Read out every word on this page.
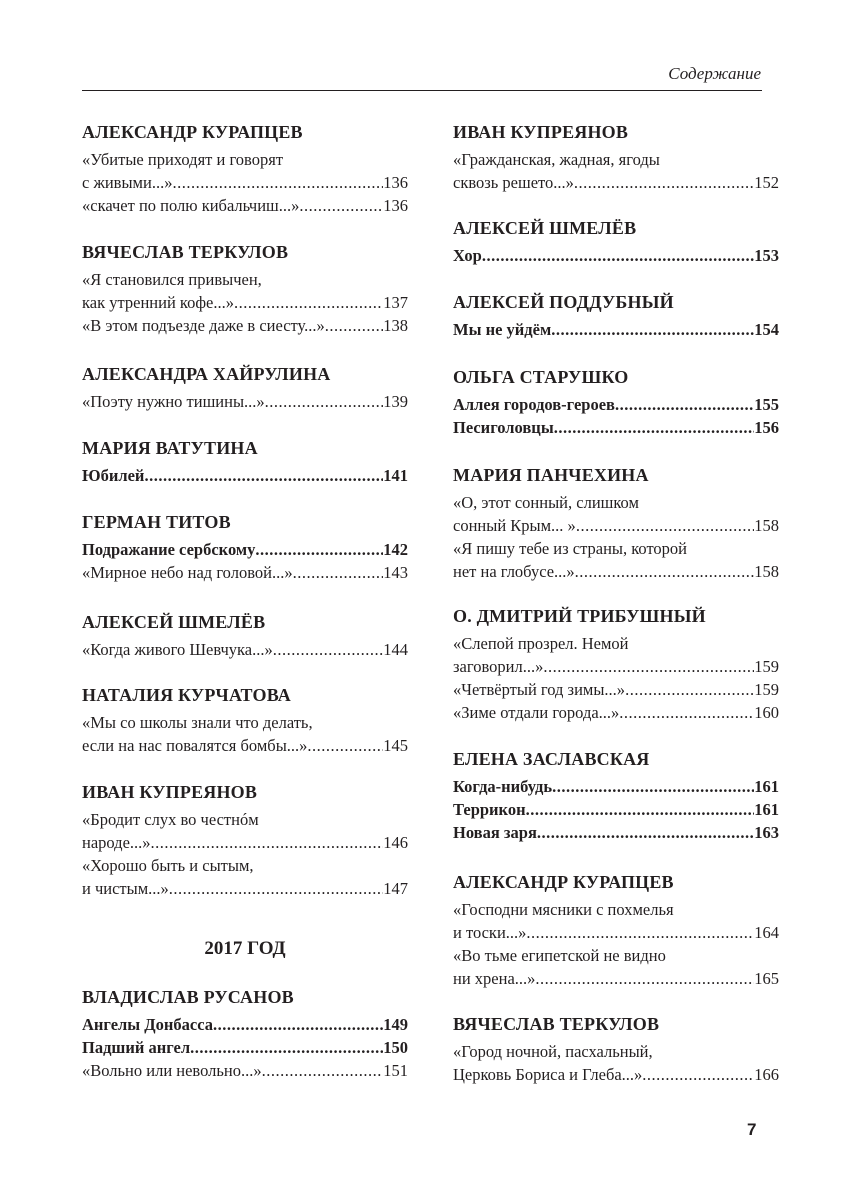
Содержание
АЛЕКСАНДР КУРАПЦЕВ
«Убитые приходят и говорят
с живыми...» .....	136
«скачет по полю кибальчиш...» .....	136
ВЯЧЕСЛАВ ТЕРКУЛОВ
«Я становился привычен,
как утренний кофе...» .....	137
«В этом подъезде даже в сиесту...» .....	138
АЛЕКСАНДРА ХАЙРУЛИНА
«Поэту нужно тишины...» .....	139
МАРИЯ ВАТУТИНА
Юбилей .....	141
ГЕРМАН ТИТОВ
Подражание сербскому .....	142
«Мирное небо над головой...» .....	143
АЛЕКСЕЙ ШМЕЛЁВ
«Когда живого Шевчука...» .....	144
НАТАЛИЯ КУРЧАТОВА
«Мы со школы знали что делать,
если на нас повалятся бомбы...» .....	145
ИВАН КУПРЕЯНОВ
«Бродит слух во честнóм
народе...» .....	146
«Хорошо быть и сытым,
и чистым...» .....	147
ВЛАДИСЛАВ РУСАНОВ
Ангелы Донбасса .....	149
Падший ангел .....	150
«Вольно или невольно...» .....	151
ИВАН КУПРЕЯНОВ
«Гражданская, жадная, ягоды
сквозь решето...» .....	152
АЛЕКСЕЙ ШМЕЛЁВ
Хор .....	153
АЛЕКСЕЙ ПОДДУБНЫЙ
Мы не уйдём .....	154
ОЛЬГА СТАРУШКО
Аллея городов-героев .....	155
Песиголовцы .....	156
МАРИЯ ПАНЧЕХИНА
«О, этот сонный, слишком
сонный Крым... » .....	158
«Я пишу тебе из страны, которой
нет на глобусе...» .....	158
О. ДМИТРИЙ ТРИБУШНЫЙ
«Слепой прозрел. Немой
заговорил...» .....	159
«Четвёртый год зимы...» .....	159
«Зиме отдали города...» .....	160
ЕЛЕНА ЗАСЛАВСКАЯ
Когда-нибудь .....	161
Террикон .....	161
Новая заря .....	163
АЛЕКСАНДР КУРАПЦЕВ
«Господни мясники с похмелья
и тоски...» .....	164
«Во тьме египетской не видно
ни хрена...» .....	165
ВЯЧЕСЛАВ ТЕРКУЛОВ
«Город ночной, пасхальный,
Церковь Бориса и Глеба...» .....	166
2017 ГОД
7
